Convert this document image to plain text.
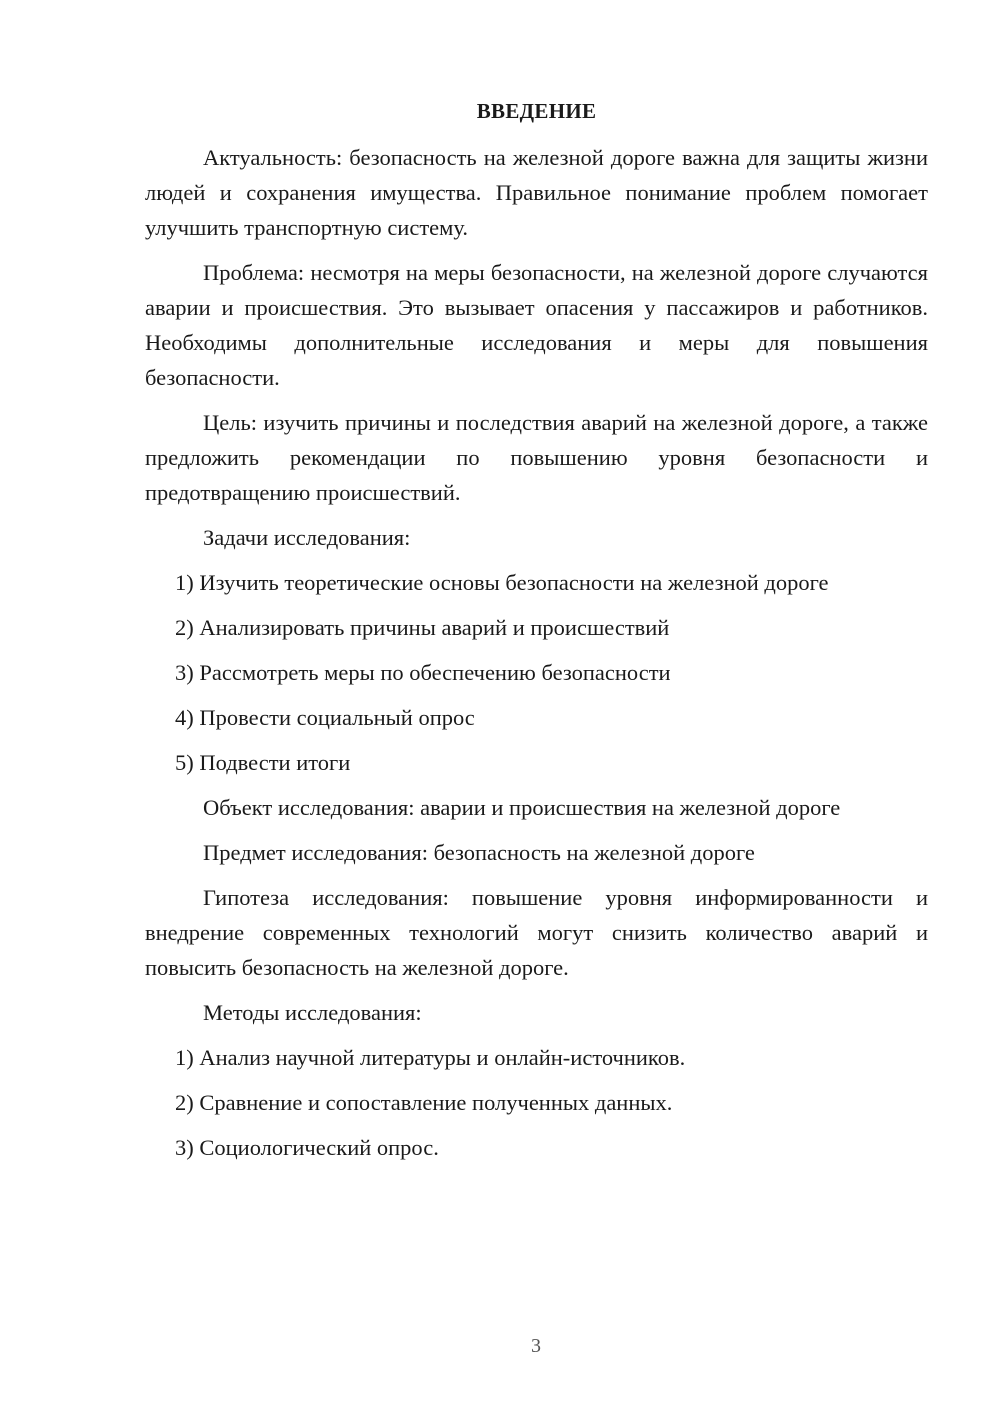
ВВЕДЕНИЕ

Актуальность: безопасность на железной дороге важна для защиты жизни людей и сохранения имущества. Правильное понимание проблем помогает улучшить транспортную систему.

Проблема: несмотря на меры безопасности, на железной дороге случаются аварии и происшествия. Это вызывает опасения у пассажиров и работников. Необходимы дополнительные исследования и меры для повышения безопасности.

Цель: изучить причины и последствия аварий на железной дороге, а также предложить рекомендации по повышению уровня безопасности и предотвращению происшествий.

Задачи исследования:

1) Изучить теоретические основы безопасности на железной дороге

2) Анализировать причины аварий и происшествий

3) Рассмотреть меры по обеспечению безопасности

4) Провести социальный опрос

5) Подвести итоги

Объект исследования: аварии и происшествия на железной дороге

Предмет исследования: безопасность на железной дороге

Гипотеза исследования: повышение уровня информированности и внедрение современных технологий могут снизить количество аварий и повысить безопасность на железной дороге.

Методы исследования:

1) Анализ научной литературы и онлайн-источников.

2) Сравнение и сопоставление полученных данных.

3) Социологический опрос.

3
